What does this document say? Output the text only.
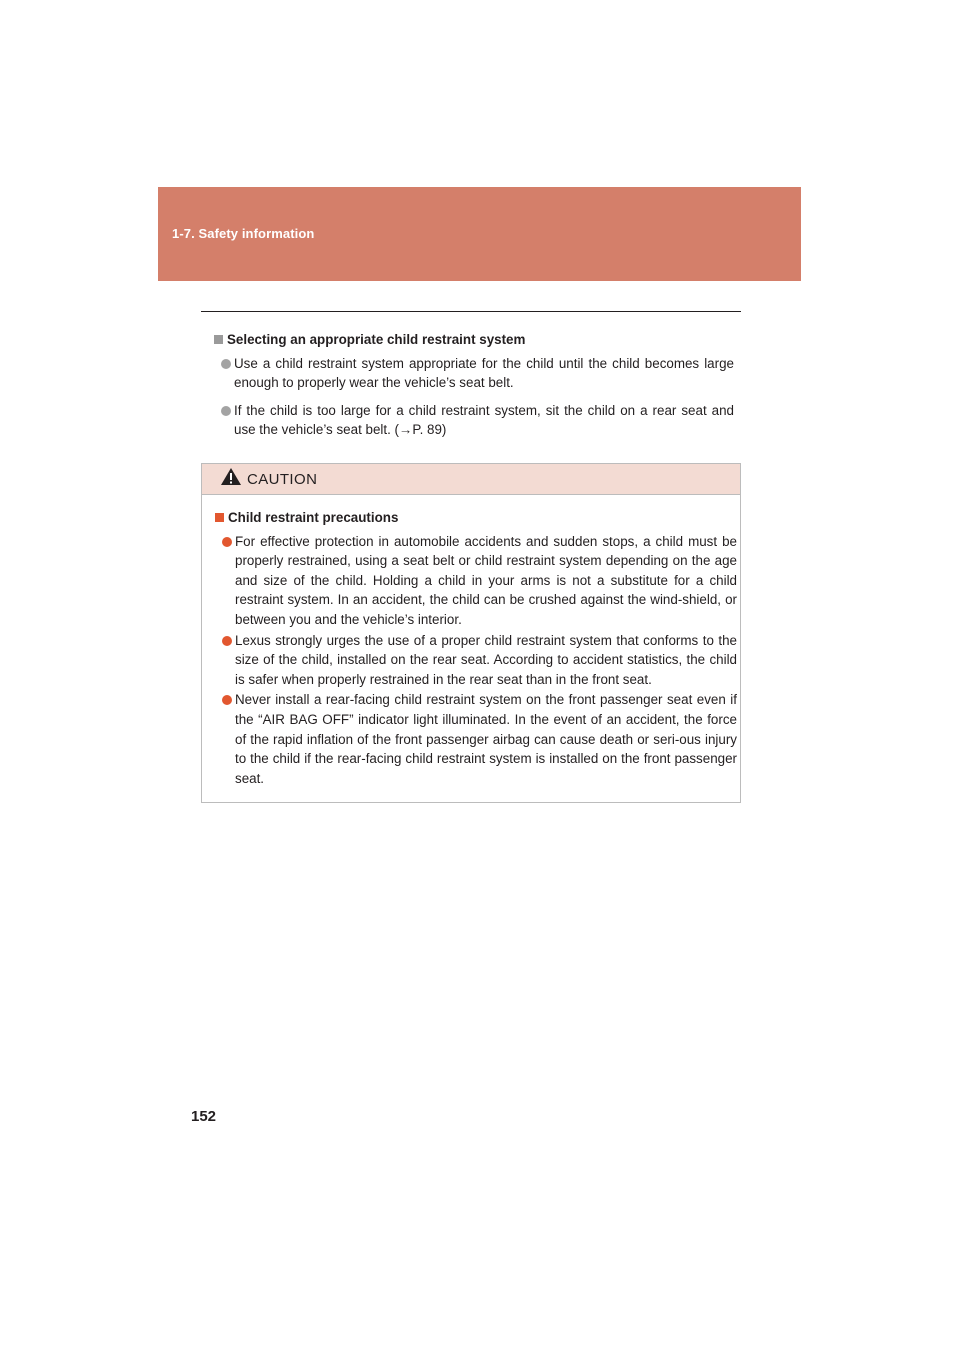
1-7. Safety information
Selecting an appropriate child restraint system
Use a child restraint system appropriate for the child until the child becomes large enough to properly wear the vehicle’s seat belt.
If the child is too large for a child restraint system, sit the child on a rear seat and use the vehicle’s seat belt. (→P. 89)
CAUTION
Child restraint precautions
For effective protection in automobile accidents and sudden stops, a child must be properly restrained, using a seat belt or child restraint system depending on the age and size of the child. Holding a child in your arms is not a substitute for a child restraint system. In an accident, the child can be crushed against the wind-shield, or between you and the vehicle’s interior.
Lexus strongly urges the use of a proper child restraint system that conforms to the size of the child, installed on the rear seat. According to accident statistics, the child is safer when properly restrained in the rear seat than in the front seat.
Never install a rear-facing child restraint system on the front passenger seat even if the “AIR BAG OFF” indicator light illuminated. In the event of an accident, the force of the rapid inflation of the front passenger airbag can cause death or seri-ous injury to the child if the rear-facing child restraint system is installed on the front passenger seat.
152
